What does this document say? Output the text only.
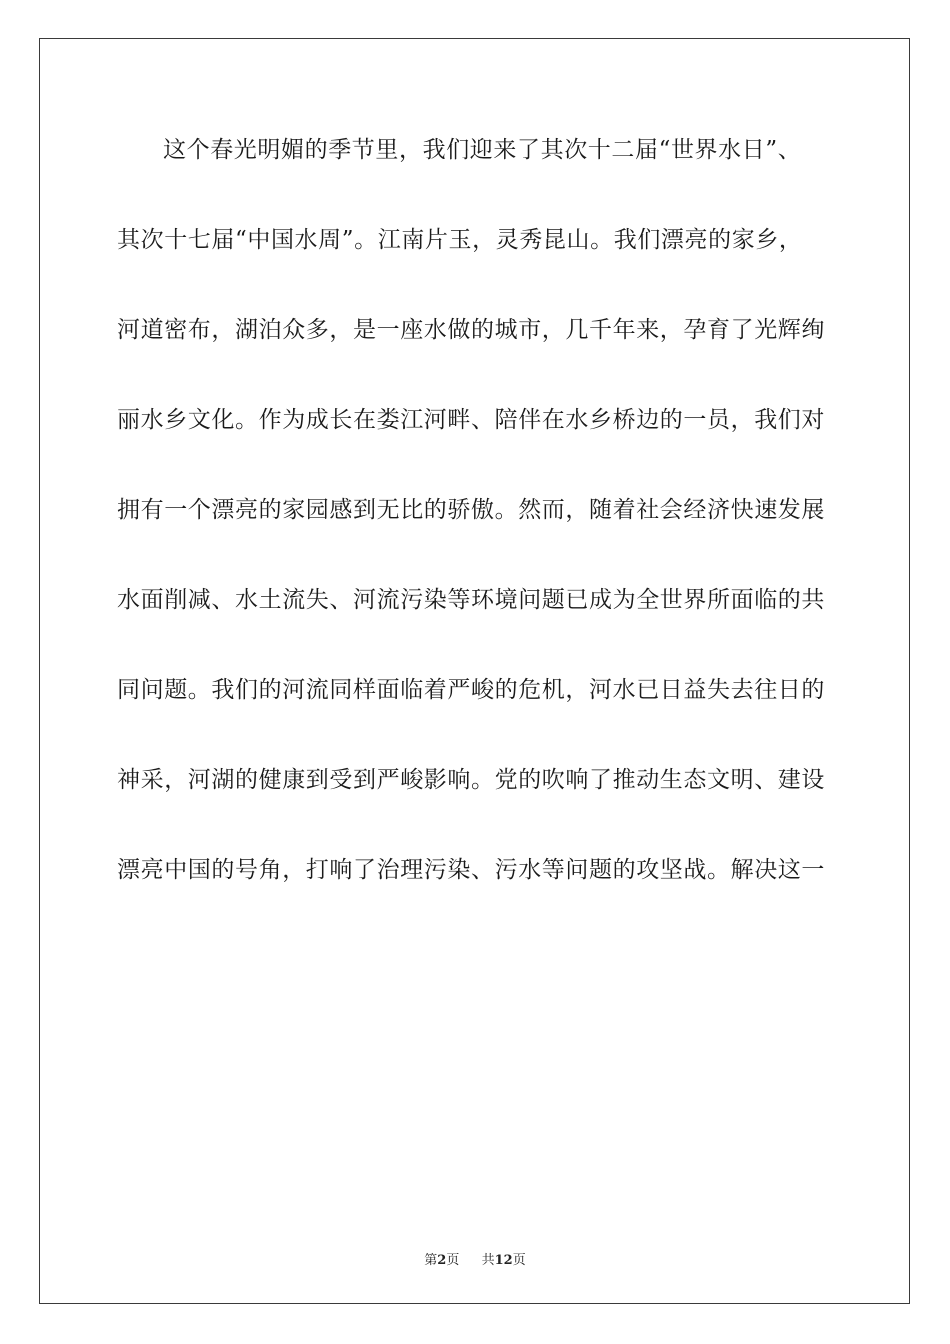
这个春光明媚的季节里，我们迎来了其次十二届“世界水日”、
其次十七届“中国水周”。江南片玉，灵秀昆山。我们漂亮的家乡，
河道密布，湖泊众多，是一座水做的城市，几千年来，孕育了光辉绚
丽水乡文化。作为成长在娄江河畔、陪伴在水乡桥边的一员，我们对
拥有一个漂亮的家园感到无比的骄傲。然而，随着社会经济快速发展
水面削减、水土流失、河流污染等环境问题已成为全世界所面临的共
同问题。我们的河流同样面临着严峻的危机，河水已日益失去往日的
神采，河湖的健康到受到严峻影响。党的吹响了推动生态文明、建设
漂亮中国的号角，打响了治理污染、污水等问题的攻坚战。解决这一
第2页 共12页
